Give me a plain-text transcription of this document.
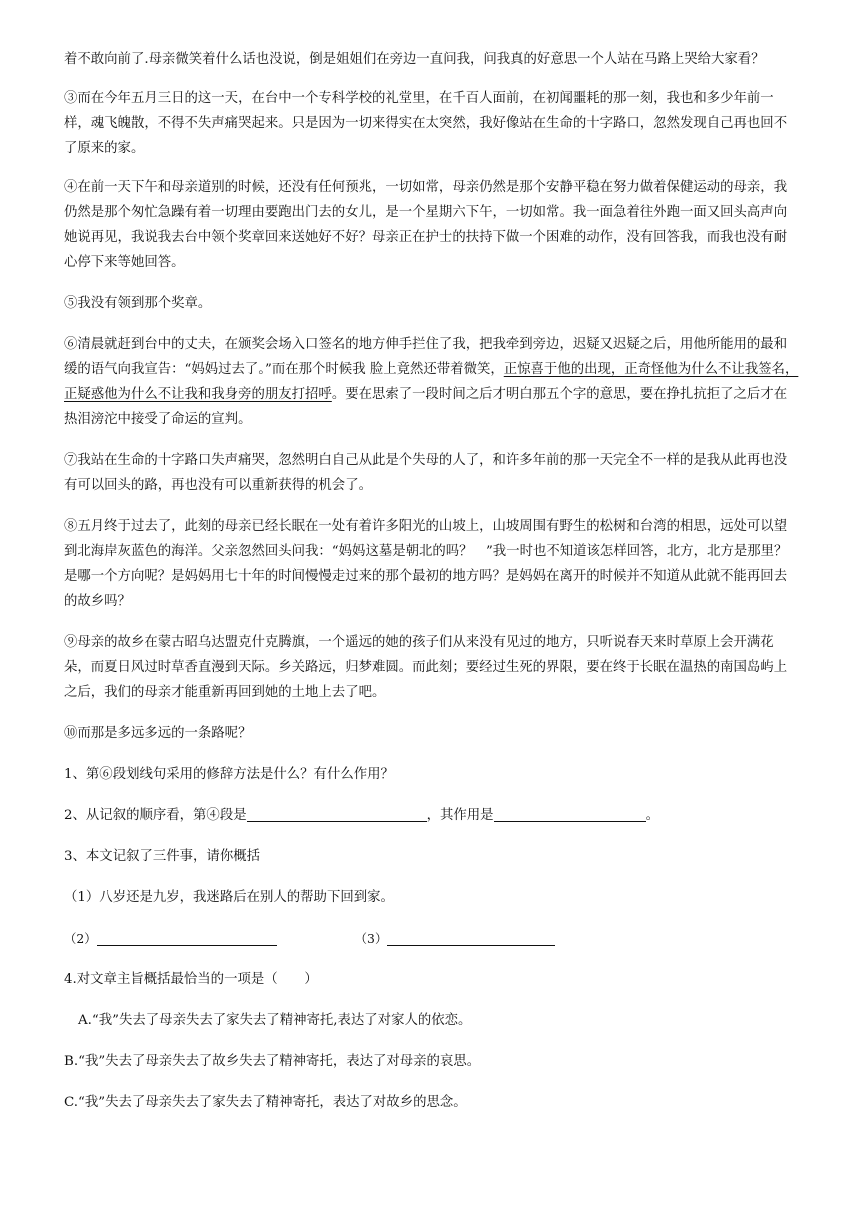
着不敢向前了.母亲微笑着什么话也没说，倒是姐姐们在旁边一直问我，问我真的好意思一个人站在马路上哭给大家看？

③而在今年五月三日的这一天，在台中一个专科学校的礼堂里，在千百人面前，在初闻噩耗的那一刻，我也和多少年前一样，魂飞魄散，不得不失声痛哭起来。只是因为一切来得实在太突然，我好像站在生命的十字路口，忽然发现自己再也回不了原来的家。

④在前一天下午和母亲道别的时候，还没有任何预兆，一切如常，母亲仍然是那个安静平稳在努力做着保健运动的母亲，我仍然是那个匆忙急躁有着一切理由要跑出门去的女儿，是一个星期六下午，一切如常。我一面急着往外跑一面又回头高声向她说再见，我说我去台中领个奖章回来送她好不好？母亲正在护士的扶持下做一个困难的动作，没有回答我，而我也没有耐心停下来等她回答。

⑤我没有领到那个奖章。

⑥清晨就赶到台中的丈夫，在颁奖会场入口签名的地方伸手拦住了我，把我牵到旁边，迟疑又迟疑之后，用他所能用的最和缓的语气向我宣告：“妈妈过去了。”而在那个时候我 脸上竟然还带着微笑，正惊喜于他的出现，正奇怪他为什么不让我签名，正疑惑他为什么不让我和我身旁的朋友打招呼。要在思索了一段时间之后才明白那五个字的意思，要在挣扎抗拒了之后才在热泪滂沱中接受了命运的宣判。

⑦我站在生命的十字路口失声痛哭，忽然明白自己从此是个失母的人了，和许多年前的那一天完全不一样的是我从此再也没有可以回头的路，再也没有可以重新获得的机会了。

⑧五月终于过去了，此刻的母亲已经长眠在一处有着许多阳光的山坡上，山坡周围有野生的松树和台湾的相思，远处可以望到北海岸灰蓝色的海洋。父亲忽然回头问我：“妈妈这墓是朝北的吗？　”我一时也不知道该怎样回答，北方，北方是那里？是哪一个方向呢？是妈妈用七十年的时间慢慢走过来的那个最初的地方吗？是妈妈在离开的时候并不知道从此就不能再回去的故乡吗？

⑨母亲的故乡在蒙古昭乌达盟克什克腾旗，一个遥远的她的孩子们从来没有见过的地方，只听说春天来时草原上会开满花朵，而夏日风过时草香直漫到天际。乡关路远，归梦难圆。而此刻；要经过生死的界限，要在终于长眠在温热的南国岛屿上之后，我们的母亲才能重新再回到她的土地上去了吧。

⑩而那是多远多远的一条路呢？

1、第⑥段划线句采用的修辞方法是什么？有什么作用？

2、从记叙的顺序看，第④段是	，其作用是	。

3、本文记叙了三件事，请你概括

（1）八岁还是九岁，我迷路后在别人的帮助下回到家。

（2）	（3）

4.对文章主旨概括最恰当的一项是（　　）

A.“我”失去了母亲失去了家失去了精神寄托,表达了对家人的依恋。

B.“我”失去了母亲失去了故乡失去了精神寄托，表达了对母亲的哀思。

C.“我”失去了母亲失去了家失去了精神寄托，表达了对故乡的思念。
